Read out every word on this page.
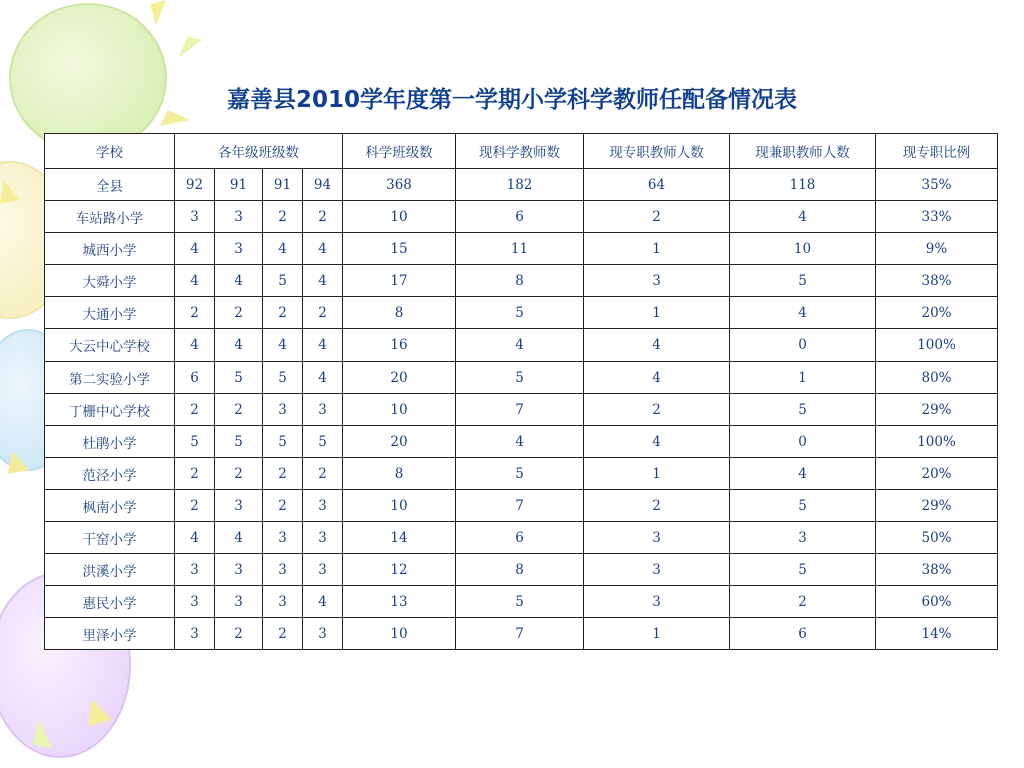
嘉善县2010学年度第一学期小学科学教师任配备情况表
学校	各年级班级数				科学班级数	现科学教师数	现专职教师人数	现兼职教师人数	现专职比例
全县	92	91	91	94	368	182	64	118	35%
车站路小学	3	3	2	2	10	6	2	4	33%
城西小学	4	3	4	4	15	11	1	10	9%
大舜小学	4	4	5	4	17	8	3	5	38%
大通小学	2	2	2	2	8	5	1	4	20%
大云中心学校	4	4	4	4	16	4	4	0	100%
第二实验小学	6	5	5	4	20	5	4	1	80%
丁栅中心学校	2	2	3	3	10	7	2	5	29%
杜鹃小学	5	5	5	5	20	4	4	0	100%
范泾小学	2	2	2	2	8	5	1	4	20%
枫南小学	2	3	2	3	10	7	2	5	29%
干窑小学	4	4	3	3	14	6	3	3	50%
洪溪小学	3	3	3	3	12	8	3	5	38%
惠民小学	3	3	3	4	13	5	3	2	60%
里泽小学	3	2	2	3	10	7	1	6	14%
